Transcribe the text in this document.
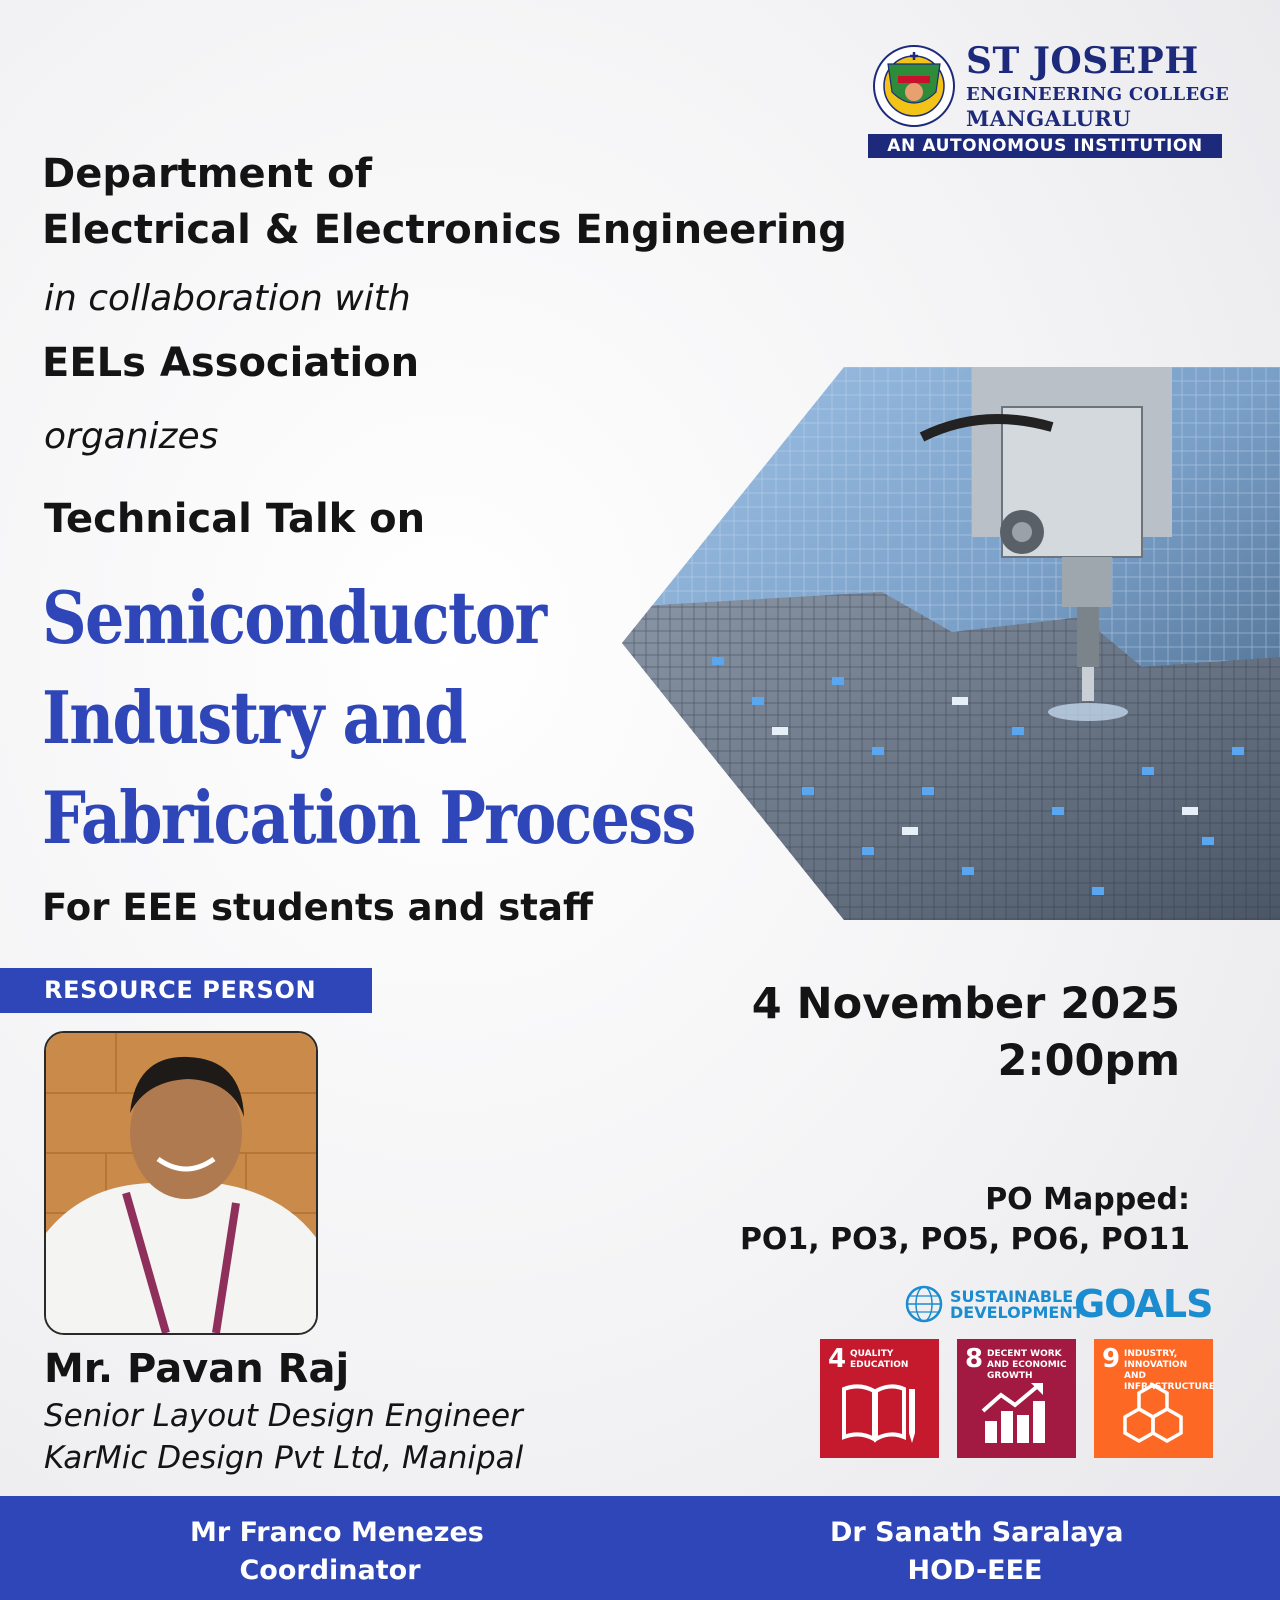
ST JOSEPH
ENGINEERING COLLEGE
MANGALURU
AN AUTONOMOUS INSTITUTION
Department of
Electrical & Electronics Engineering
in collaboration with
EELs Association
organizes
Technical Talk on
Semiconductor
Industry and
Fabrication Process
For EEE students and staff
RESOURCE PERSON
Mr. Pavan Raj
Senior Layout Design Engineer
KarMic Design Pvt Ltd, Manipal
4 November 2025
2:00pm
PO Mapped:
PO1, PO3, PO5, PO6, PO11
SUSTAINABLE
DEVELOPMENT
GOALS
4 QUALITY EDUCATION	8 DECENT WORK AND ECONOMIC GROWTH
9 INDUSTRY, INNOVATION AND INFRASTRUCTURE
Mr Franco Menezes
Coordinator
Dr Sanath Saralaya
HOD-EEE
